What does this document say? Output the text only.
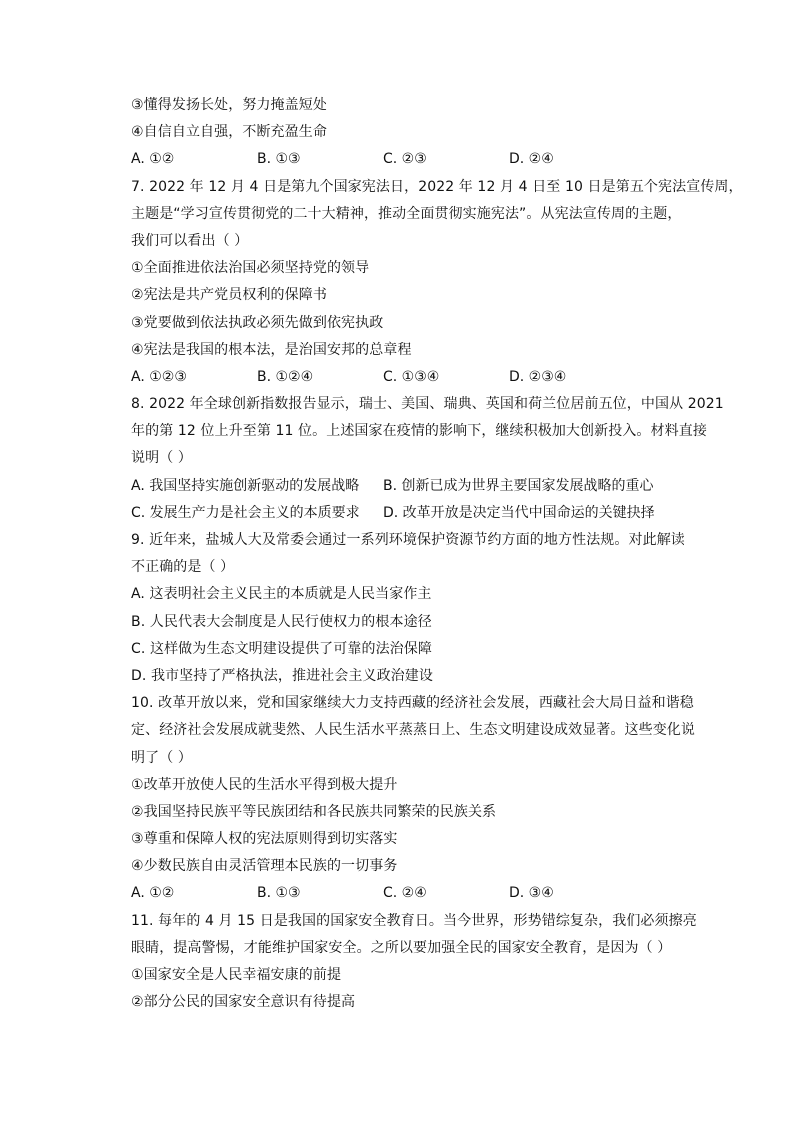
③懂得发扬长处，努力掩盖短处
④自信自立自强，不断充盈生命
A. ①②	B. ①③	C. ②③	D. ②④
7. 2022 年 12 月 4 日是第九个国家宪法日，2022 年 12 月 4 日至 10 日是第五个宪法宣传周，
主题是“学习宣传贯彻党的二十大精神，推动全面贯彻实施宪法”。从宪法宣传周的主题，
我们可以看出（ ）
①全面推进依法治国必须坚持党的领导
②宪法是共产党员权利的保障书
③党要做到依法执政必须先做到依宪执政
④宪法是我国的根本法，是治国安邦的总章程
A. ①②③	B. ①②④	C. ①③④	D. ②③④
8. 2022 年全球创新指数报告显示，瑞士、美国、瑞典、英国和荷兰位居前五位，中国从 2021
年的第 12 位上升至第 11 位。上述国家在疫情的影响下，继续积极加大创新投入。材料直接
说明（ ）
A. 我国坚持实施创新驱动的发展战略	B. 创新已成为世界主要国家发展战略的重心
C. 发展生产力是社会主义的本质要求	D. 改革开放是决定当代中国命运的关键抉择
9. 近年来，盐城人大及常委会通过一系列环境保护资源节约方面的地方性法规。对此解读
不正确的是（ ）
A. 这表明社会主义民主的本质就是人民当家作主
B. 人民代表大会制度是人民行使权力的根本途径
C. 这样做为生态文明建设提供了可靠的法治保障
D. 我市坚持了严格执法，推进社会主义政治建设
10. 改革开放以来，党和国家继续大力支持西藏的经济社会发展，西藏社会大局日益和谐稳
定、经济社会发展成就斐然、人民生活水平蒸蒸日上、生态文明建设成效显著。这些变化说
明了（ ）
①改革开放使人民的生活水平得到极大提升
②我国坚持民族平等民族团结和各民族共同繁荣的民族关系
③尊重和保障人权的宪法原则得到切实落实
④少数民族自由灵活管理本民族的一切事务
A. ①②	B. ①③	C. ②④	D. ③④
11. 每年的 4 月 15 日是我国的国家安全教育日。当今世界，形势错综复杂，我们必须擦亮
眼睛，提高警惕，才能维护国家安全。之所以要加强全民的国家安全教育，是因为（ ）
①国家安全是人民幸福安康的前提
②部分公民的国家安全意识有待提高
